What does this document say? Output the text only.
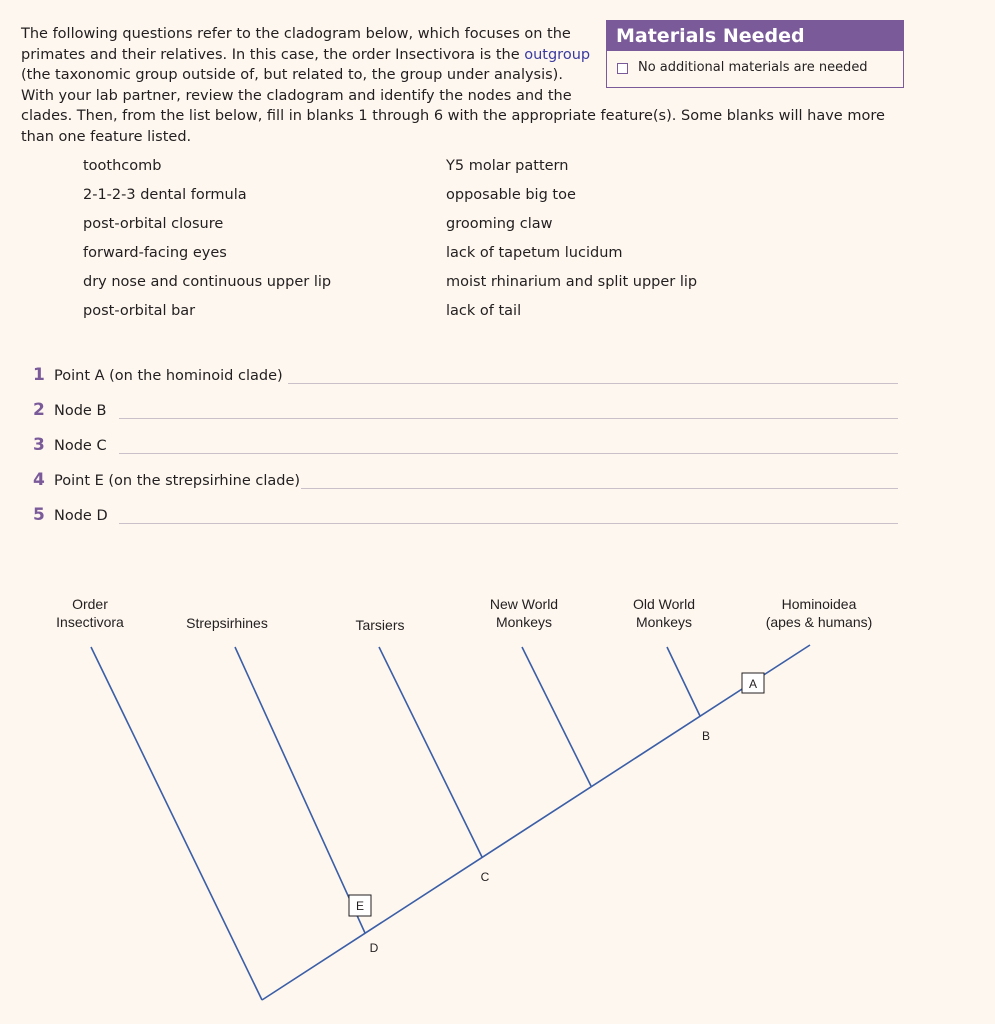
Materials Needed
No additional materials are needed

The following questions refer to the cladogram below, which focuses on the primates and their relatives. In this case, the order Insectivora is the outgroup (the taxonomic group outside of, but related to, the group under analysis). With your lab partner, review the cladogram and identify the nodes and the clades. Then, from the list below, fill in blanks 1 through 6 with the appropriate feature(s). Some blanks will have more than one feature listed.

toothcomb
2-1-2-3 dental formula
post-orbital closure
forward-facing eyes
dry nose and continuous upper lip
post-orbital bar
Y5 molar pattern
opposable big toe
grooming claw
lack of tapetum lucidum
moist rhinarium and split upper lip
lack of tail
1 Point A (on the hominoid clade)
2 Node B
3 Node C
4 Point E (on the strepsirhine clade)
5 Node D
Order
Insectivora	Strepsirhines	Tarsiers
New World
Monkeys
Old World
Monkeys
Hominoidea
(apes & humans)
A
B
C
E
D
